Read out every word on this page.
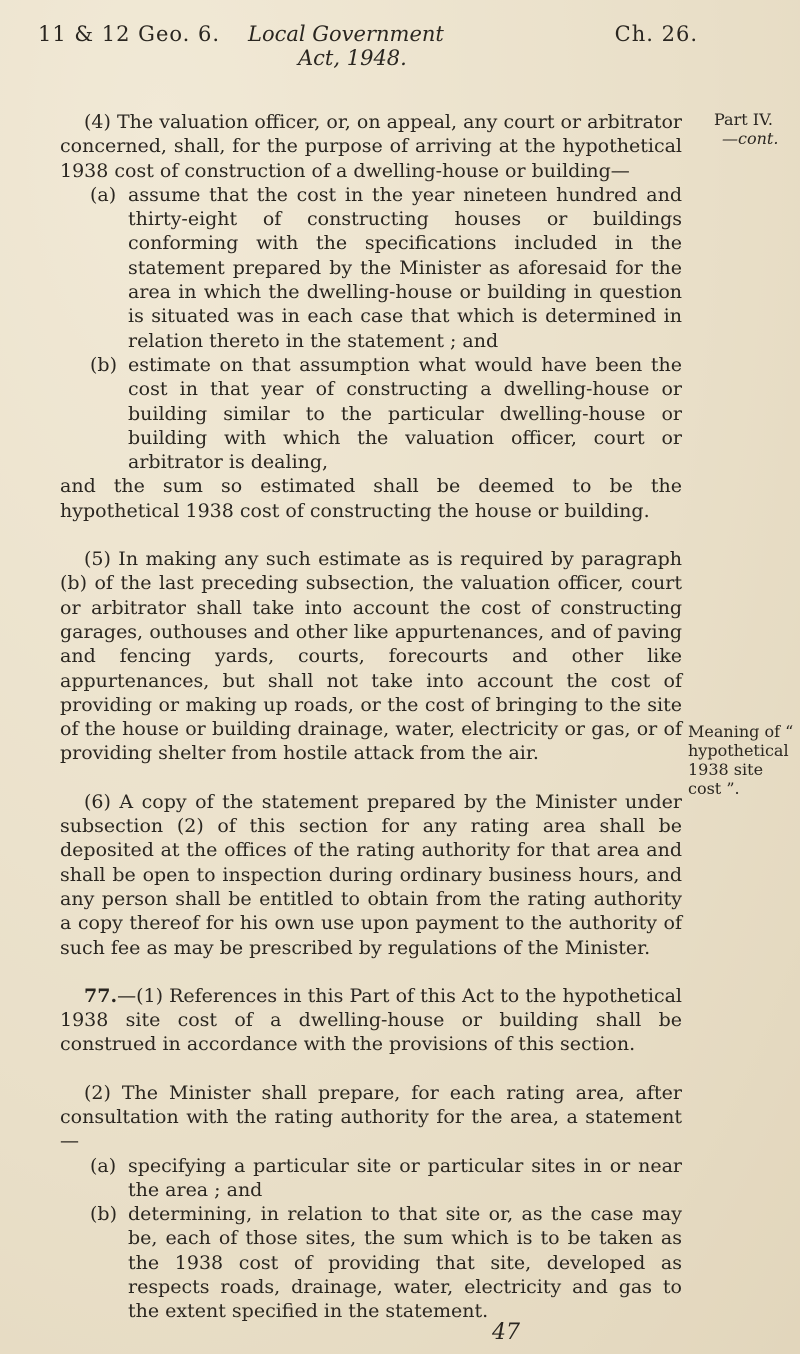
11 & 12 Geo. 6. Local Government	Ch. 26.
Act, 1948.
Part IV.
—cont.
Meaning of “ hypothetical 1938 site cost ”.

(4) The valuation officer, or, on appeal, any court or arbitrator concerned, shall, for the purpose of arriving at the hypothetical 1938 cost of construction of a dwelling-house or building—

(a) assume that the cost in the year nineteen hundred and thirty-eight of constructing houses or buildings conforming with the specifications included in the statement prepared by the Minister as aforesaid for the area in which the dwelling-house or building in question is situated was in each case that which is determined in relation thereto in the statement ; and
(b) estimate on that assumption what would have been the cost in that year of constructing a dwelling-house or building similar to the particular dwelling-house or building with which the valuation officer, court or arbitrator is dealing,

and the sum so estimated shall be deemed to be the hypothetical 1938 cost of constructing the house or building.

(5) In making any such estimate as is required by paragraph (b) of the last preceding subsection, the valuation officer, court or arbitrator shall take into account the cost of constructing garages, outhouses and other like appurtenances, and of paving and fencing yards, courts, forecourts and other like appurtenances, but shall not take into account the cost of providing or making up roads, or the cost of bringing to the site of the house or building drainage, water, electricity or gas, or of providing shelter from hostile attack from the air.

(6) A copy of the statement prepared by the Minister under subsection (2) of this section for any rating area shall be deposited at the offices of the rating authority for that area and shall be open to inspection during ordinary business hours, and any person shall be entitled to obtain from the rating authority a copy thereof for his own use upon payment to the authority of such fee as may be prescribed by regulations of the Minister.

77.—(1) References in this Part of this Act to the hypothetical 1938 site cost of a dwelling-house or building shall be construed in accordance with the provisions of this section.

(2) The Minister shall prepare, for each rating area, after consultation with the rating authority for the area, a statement—

(a) specifying a particular site or particular sites in or near the area ; and
(b) determining, in relation to that site or, as the case may be, each of those sites, the sum which is to be taken as the 1938 cost of providing that site, developed as respects roads, drainage, water, electricity and gas to the extent specified in the statement.
47
